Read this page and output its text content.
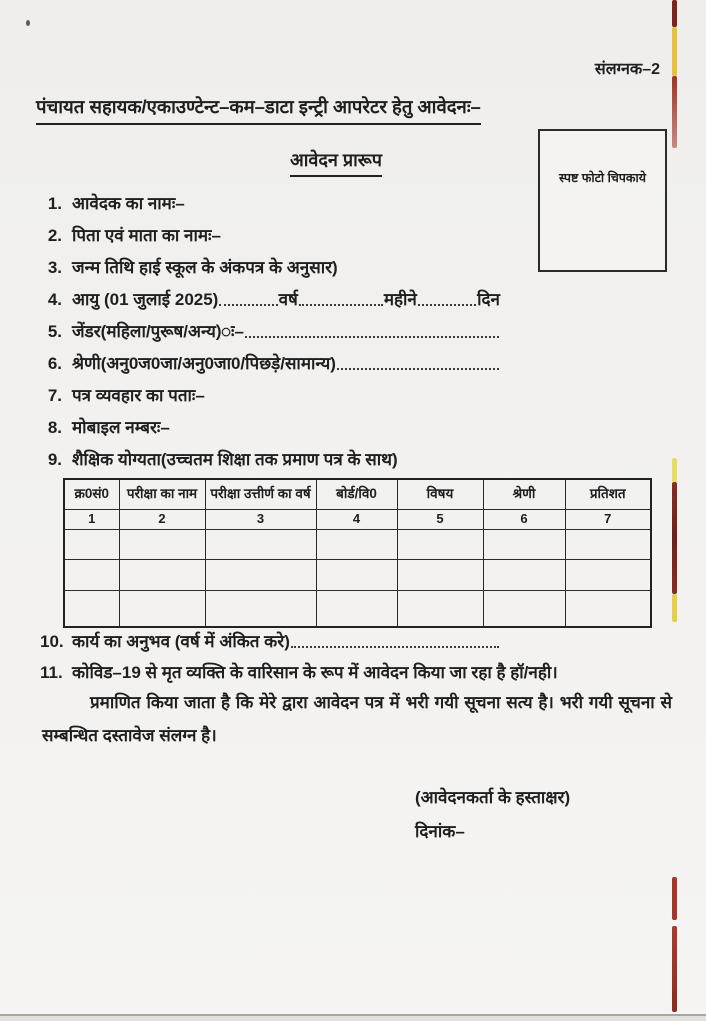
संलग्नक–2
पंचायत सहायक/एकाउण्टेन्ट–कम–डाटा इन्ट्री आपरेटर हेतु आवेदनः–
स्पष्ट फोटो चिपकाये
आवेदन प्रारूप
1. आवेदक का नामः–
2. पिता एवं माता का नामः–
3. जन्म तिथि हाई स्कूल के अंकपत्र के अनुसार)
4. आयु (01 जुलाई 2025)	वर्ष	महीने	दिन
5. जेंडर(महिला/पुरूष/अन्य)ः–
6. श्रेणी(अनु0ज0जा/अनु0जा0/पिछड़े/सामान्य)
7. पत्र व्यवहार का पताः–
8. मोबाइल नम्बरः–
9. शैक्षिक योग्यता(उच्चतम शिक्षा तक प्रमाण पत्र के साथ)
क्र0सं0	परीक्षा का नाम	परीक्षा उत्तीर्ण का वर्ष	बोर्ड/वि0	विषय	श्रेणी	प्रतिशत
1	2	3	4	5	6	7

10. कार्य का अनुभव (वर्ष में अंकित करे)
11. कोविड–19 से मृत व्यक्ति के वारिसान के रूप में आवेदन किया जा रहा है हॉ/नही।
प्रमाणित किया जाता है कि मेरे द्वारा आवेदन पत्र में भरी गयी सूचना सत्य है। भरी गयी सूचना से सम्बन्धित दस्तावेज संलग्न है।
(आवेदनकर्ता के हस्ताक्षर)
दिनांक–
